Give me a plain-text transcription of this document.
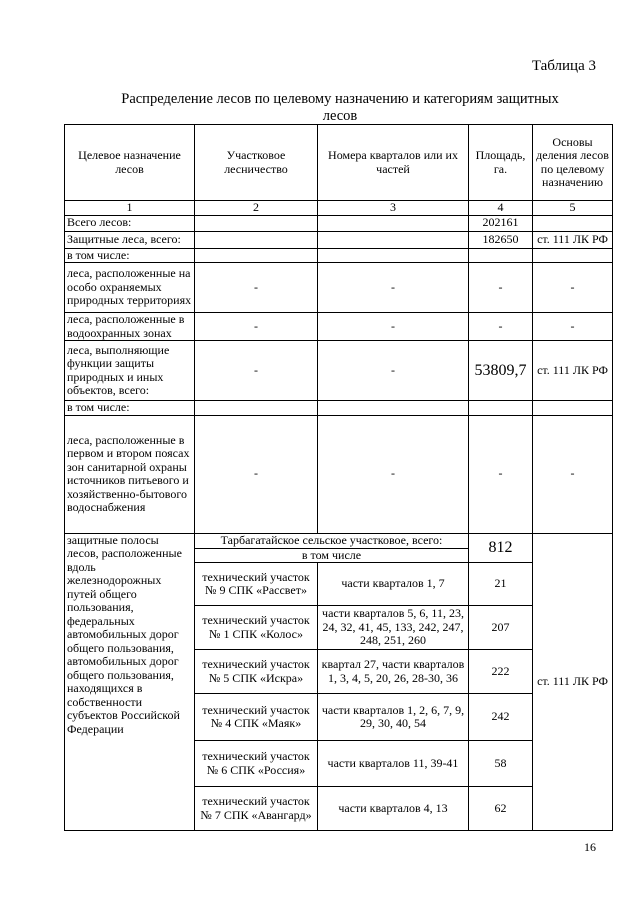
Таблица 3
Распределение лесов по целевому назначению и категориям защитных лесов
Целевое назначение лесов	Участковое лесничество	Номера кварталов или их частей	Площадь, га.	Основы деления лесов по целевому назначению
1	2	3	4	5
Всего лесов:			202161	
Защитные леса, всего:			182650	ст. 111 ЛК РФ
в том числе:				
леса, расположенные на особо охраняемых природных территориях	-	-	-	-
леса, расположенные в водоохранных зонах	-	-	-	-
леса, выполняющие функции защиты природных и иных объектов, всего:	-	-	53809,7	ст. 111 ЛК РФ
в том числе:				
леса, расположенные в первом и втором поясах зон санитарной охраны источников питьевого и хозяйственно-бытового водоснабжения	-	-	-	-
защитные полосы лесов, расположенные вдоль железнодорожных путей общего пользования, федеральных автомобильных дорог общего пользования, автомобильных дорог общего пользования, находящихся в собственности субъектов Российской Федерации	Тарбагатайское сельское участковое, всего:		812	ст. 111 ЛК РФ
	в том числе			
	технический участок № 9 СПК «Рассвет»	части кварталов 1, 7	21	
	технический участок № 1 СПК «Колос»	части кварталов 5, 6, 11, 23, 24, 32, 41, 45, 133, 242, 247, 248, 251, 260	207	
	технический участок № 5 СПК «Искра»	квартал 27, части кварталов 1, 3, 4, 5, 20, 26, 28-30, 36	222	
	технический участок № 4 СПК «Маяк»	части кварталов 1, 2, 6, 7, 9, 29, 30, 40, 54	242	
	технический участок № 6 СПК «Россия»	части кварталов 11, 39-41	58	
	технический участок № 7 СПК «Авангард»	части кварталов 4, 13	62	
16
